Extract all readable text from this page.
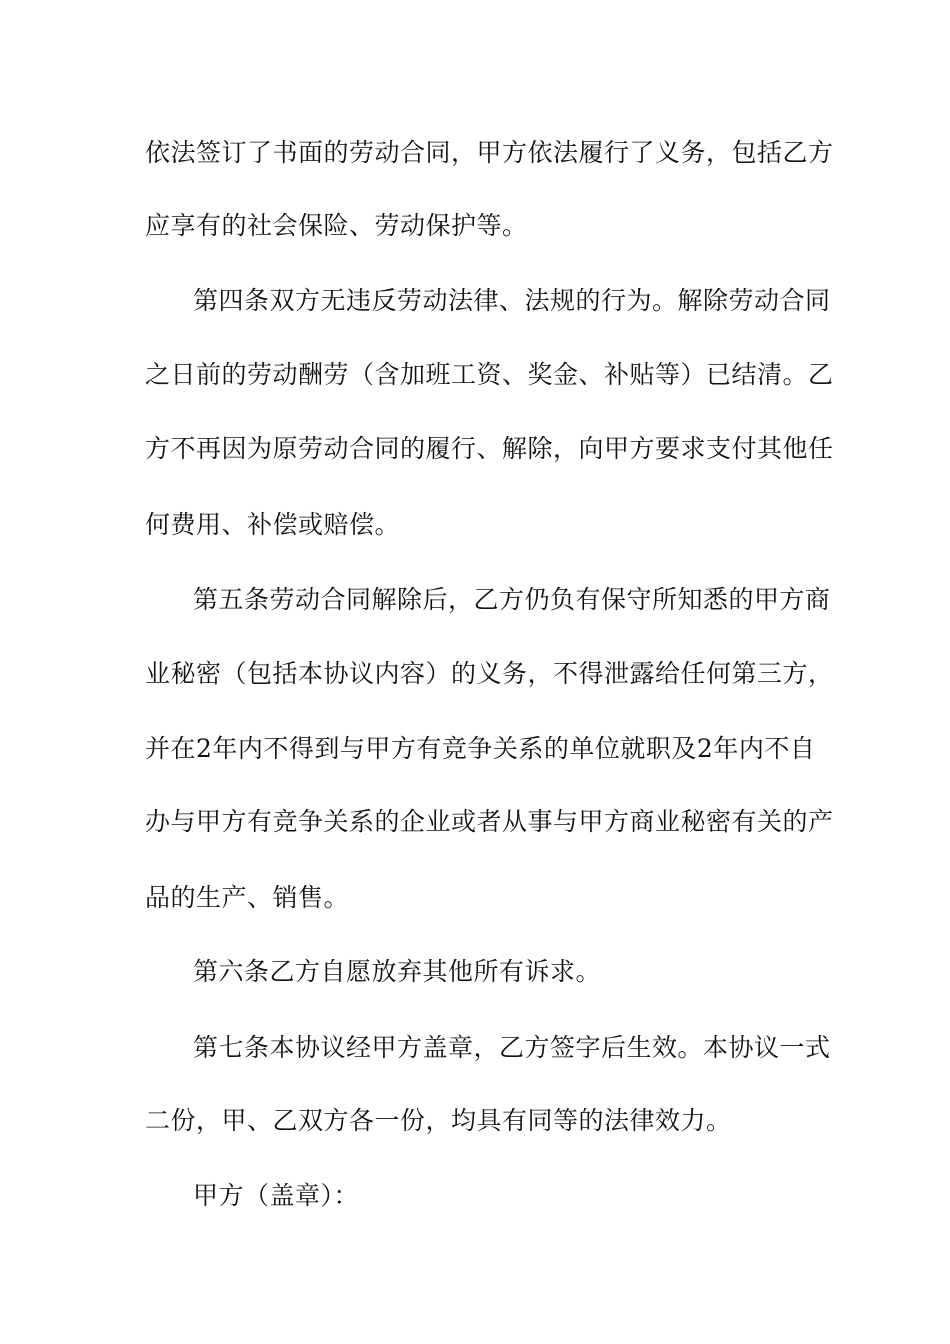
依法签订了书面的劳动合同，甲方依法履行了义务，包括乙方
应享有的社会保险、劳动保护等。
第四条双方无违反劳动法律、法规的行为。解除劳动合同
之日前的劳动酬劳（含加班工资、奖金、补贴等）已结清。乙
方不再因为原劳动合同的履行、解除，向甲方要求支付其他任
何费用、补偿或赔偿。
第五条劳动合同解除后，乙方仍负有保守所知悉的甲方商
业秘密（包括本协议内容）的义务，不得泄露给任何第三方，
并在2年内不得到与甲方有竞争关系的单位就职及2年内不自
办与甲方有竞争关系的企业或者从事与甲方商业秘密有关的产
品的生产、销售。
第六条乙方自愿放弃其他所有诉求。
第七条本协议经甲方盖章，乙方签字后生效。本协议一式
二份，甲、乙双方各一份，均具有同等的法律效力。
甲方（盖章）：
